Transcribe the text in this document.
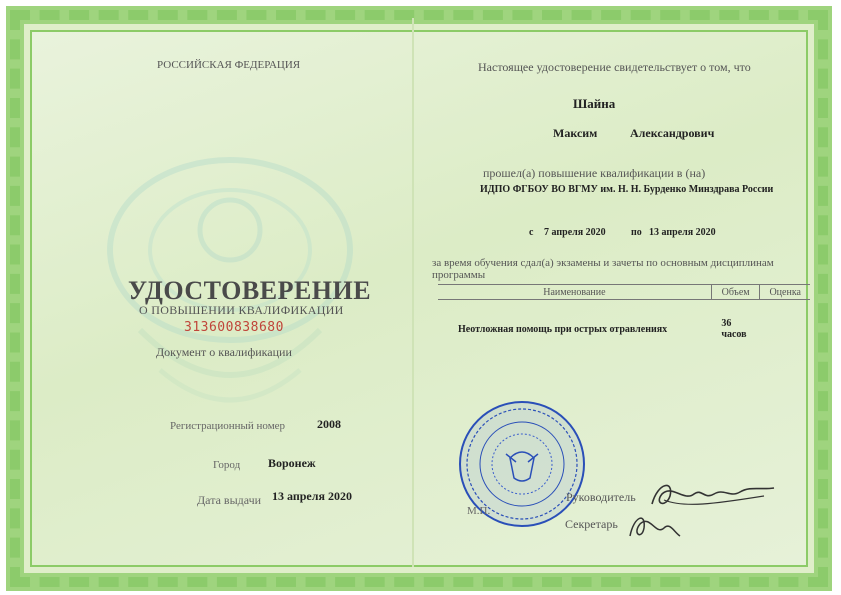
РОССИЙСКАЯ ФЕДЕРАЦИЯ
УДОСТОВЕРЕНИЕ
О ПОВЫШЕНИИ КВАЛИФИКАЦИИ
313600838680
Документ о квалификации
Регистрационный номер	2008
Город Воронеж
Дата выдачи 13 апреля 2020
Настоящее удостоверение свидетельствует о том, что
Шайна
Максим	Александрович
прошел(а) повышение квалификации в (на)
ИДПО ФГБОУ ВО ВГМУ им. Н. Н. Бурденко Минздрава России
с 7 апреля 2020	по 13 апреля 2020
за время обучения сдал(а) экзамены и зачеты по основным дисциплинам программы
Наименование	Объем	Оценка
Неотложная помощь при острых отравлениях	36 часов	
Руководитель
М.П.
Секретарь
